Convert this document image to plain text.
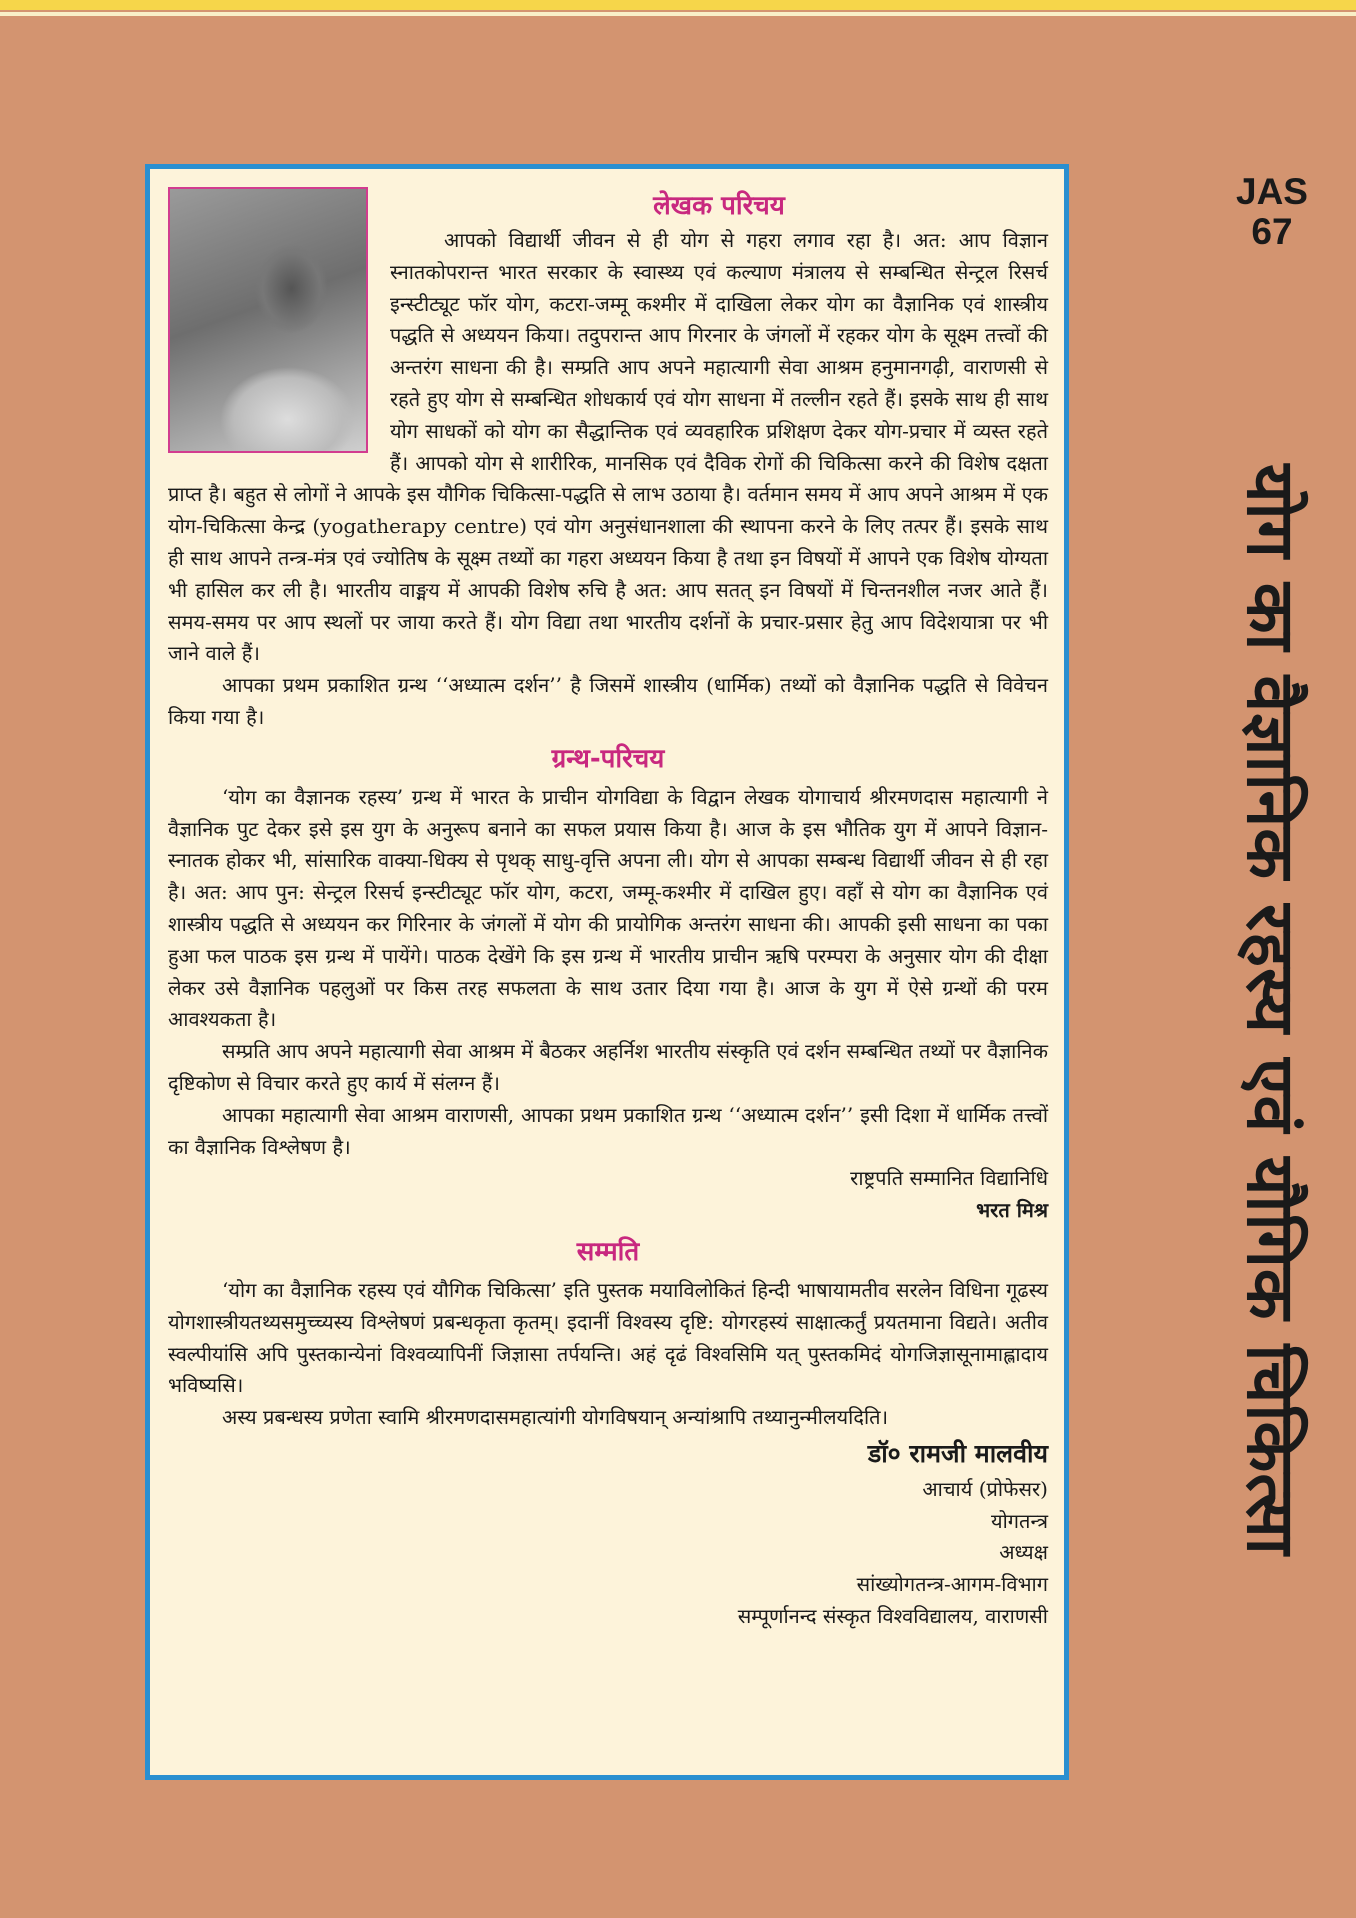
JAS
67
योग का वैज्ञानिक रहस्य एवं यौगिक चिकित्सा
लेखक परिचय

आपको विद्यार्थी जीवन से ही योग से गहरा लगाव रहा है। अत: आप विज्ञान स्नातकोपरान्त भारत सरकार के स्वास्थ्य एवं कल्याण मंत्रालय से सम्बन्धित सेन्ट्रल रिसर्च इन्स्टीट्यूट फॉर योग, कटरा-जम्मू कश्मीर में दाखिला लेकर योग का वैज्ञानिक एवं शास्त्रीय पद्धति से अध्ययन किया। तदुपरान्त आप गिरनार के जंगलों में रहकर योग के सूक्ष्म तत्त्वों की अन्तरंग साधना की है। सम्प्रति आप अपने महात्यागी सेवा आश्रम हनुमानगढ़ी, वाराणसी से रहते हुए योग से सम्बन्धित शोधकार्य एवं योग साधना में तल्लीन रहते हैं। इसके साथ ही साथ योग साधकों को योग का सैद्धान्तिक एवं व्यवहारिक प्रशिक्षण देकर योग-प्रचार में व्यस्त रहते हैं। आपको योग से शारीरिक, मानसिक एवं दैविक रोगों की चिकित्सा करने की विशेष दक्षता प्राप्त है। बहुत से लोगों ने आपके इस यौगिक चिकित्सा-पद्धति से लाभ उठाया है। वर्तमान समय में आप अपने आश्रम में एक योग-चिकित्सा केन्द्र (yogatherapy centre) एवं योग अनुसंधानशाला की स्थापना करने के लिए तत्पर हैं। इसके साथ ही साथ आपने तन्त्र-मंत्र एवं ज्योतिष के सूक्ष्म तथ्यों का गहरा अध्ययन किया है तथा इन विषयों में आपने एक विशेष योग्यता भी हासिल कर ली है। भारतीय वाङ्मय में आपकी विशेष रुचि है अत: आप सतत् इन विषयों में चिन्तनशील नजर आते हैं। समय-समय पर आप स्थलों पर जाया करते हैं। योग विद्या तथा भारतीय दर्शनों के प्रचार-प्रसार हेतु आप विदेशयात्रा पर भी जाने वाले हैं।

आपका प्रथम प्रकाशित ग्रन्थ ‘‘अध्यात्म दर्शन’’ है जिसमें शास्त्रीय (धार्मिक) तथ्यों को वैज्ञानिक पद्धति से विवेचन किया गया है।

ग्रन्थ-परिचय

‘योग का वैज्ञानक रहस्य’ ग्रन्थ में भारत के प्राचीन योगविद्या के विद्वान लेखक योगाचार्य श्रीरमणदास महात्यागी ने वैज्ञानिक पुट देकर इसे इस युग के अनुरूप बनाने का सफल प्रयास किया है। आज के इस भौतिक युग में आपने विज्ञान-स्नातक होकर भी, सांसारिक वाक्या-धिक्य से पृथक् साधु-वृत्ति अपना ली। योग से आपका सम्बन्ध विद्यार्थी जीवन से ही रहा है। अत: आप पुन: सेन्ट्रल रिसर्च इन्स्टीट्यूट फॉर योग, कटरा, जम्मू-कश्मीर में दाखिल हुए। वहाँ से योग का वैज्ञानिक एवं शास्त्रीय पद्धति से अध्ययन कर गिरिनार के जंगलों में योग की प्रायोगिक अन्तरंग साधना की। आपकी इसी साधना का पका हुआ फल पाठक इस ग्रन्थ में पायेंगे। पाठक देखेंगे कि इस ग्रन्थ में भारतीय प्राचीन ऋषि परम्परा के अनुसार योग की दीक्षा लेकर उसे वैज्ञानिक पहलुओं पर किस तरह सफलता के साथ उतार दिया गया है। आज के युग में ऐसे ग्रन्थों की परम आवश्यकता है।

सम्प्रति आप अपने महात्यागी सेवा आश्रम में बैठकर अहर्निश भारतीय संस्कृति एवं दर्शन सम्बन्धित तथ्यों पर वैज्ञानिक दृष्टिकोण से विचार करते हुए कार्य में संलग्न हैं।

आपका महात्यागी सेवा आश्रम वाराणसी, आपका प्रथम प्रकाशित ग्रन्थ ‘‘अध्यात्म दर्शन’’ इसी दिशा में धार्मिक तत्त्वों का वैज्ञानिक विश्लेषण है।

राष्ट्रपति सम्मानित विद्यानिधि
भरत मिश्र
सम्मति

‘योग का वैज्ञानिक रहस्य एवं यौगिक चिकित्सा’ इति पुस्तक मयाविलोकितं हिन्दी भाषायामतीव सरलेन विधिना गूढस्य योगशास्त्रीयतथ्यसमुच्च्यस्य विश्लेषणं प्रबन्धकृता कृतम्। इदानीं विश्वस्य दृष्टि: योगरहस्यं साक्षात्कर्तुं प्रयतमाना विद्यते। अतीव स्वल्पीयांसि अपि पुस्तकान्येनां विश्वव्यापिनीं जिज्ञासा तर्पयन्ति। अहं दृढं विश्वसिमि यत् पुस्तकमिदं योगजिज्ञासूनामाह्लादाय भविष्यसि।

अस्य प्रबन्धस्य प्रणेता स्वामि श्रीरमणदासमहात्यांगी योगविषयान् अन्यांश्रापि तथ्यानुन्मीलयदिति।

डॉ० रामजी मालवीय
आचार्य (प्रोफेसर)
योगतन्त्र
अध्यक्ष
सांख्योगतन्त्र-आगम-विभाग
सम्पूर्णानन्द संस्कृत विश्वविद्यालय, वाराणसी
